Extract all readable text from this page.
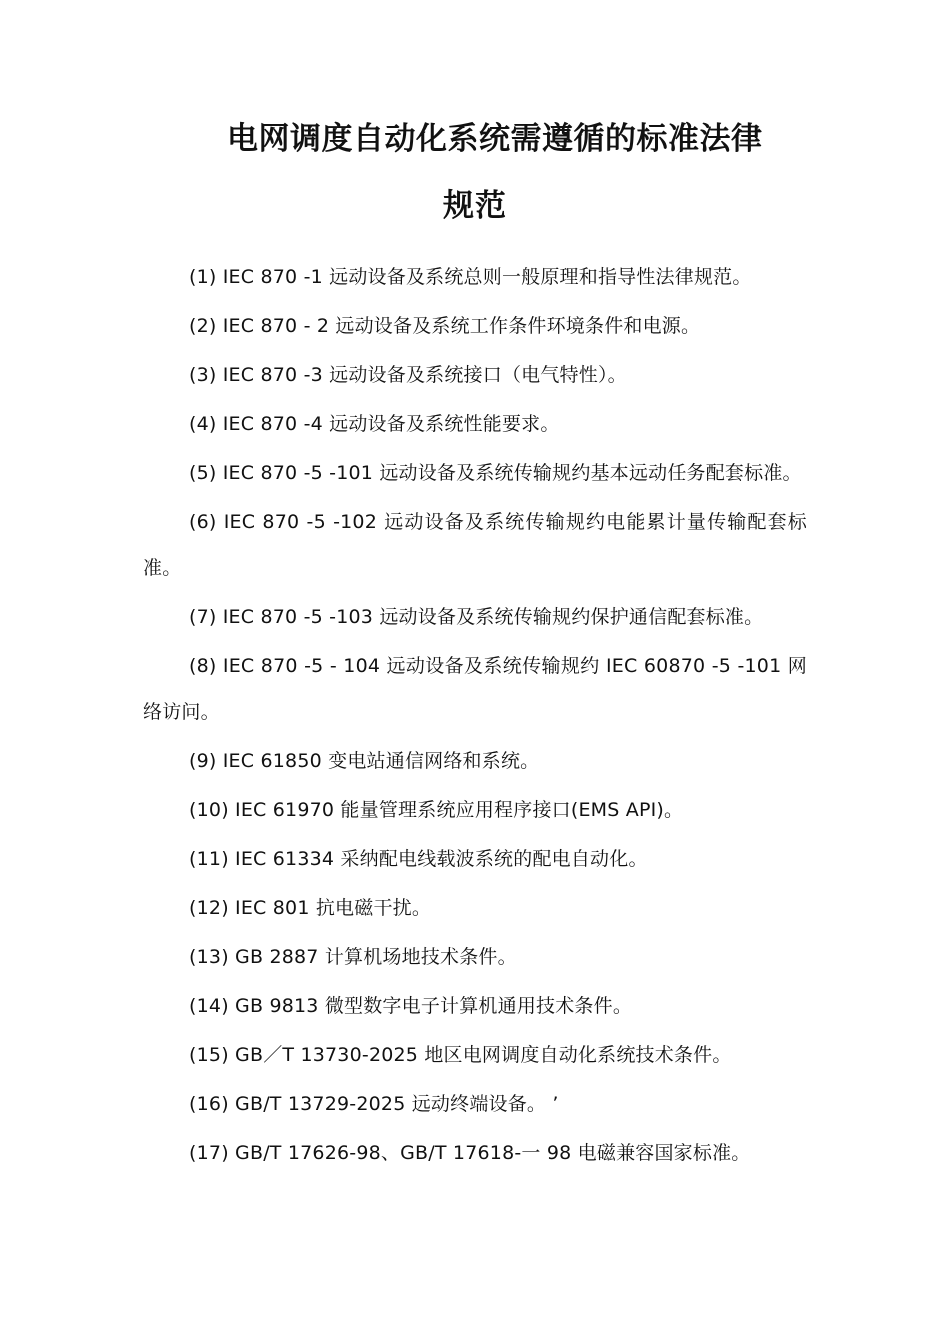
电网调度自动化系统需遵循的标准法律
规范

(1) IEC 870 -1 远动设备及系统总则一般原理和指导性法律规范。

(2) IEC 870 - 2 远动设备及系统工作条件环境条件和电源。

(3) IEC 870 -3 远动设备及系统接口（电气特性）。

(4) IEC 870 -4 远动设备及系统性能要求。

(5) IEC 870 -5 -101 远动设备及系统传输规约基本远动任务配套标准。

(6) IEC 870 -5 -102 远动设备及系统传输规约电能累计量传输配套标准。

(7) IEC 870 -5 -103 远动设备及系统传输规约保护通信配套标准。

(8) IEC 870 -5 - 104 远动设备及系统传输规约 IEC 60870 -5 -101 网络访问。

(9) IEC 61850 变电站通信网络和系统。

(10) IEC 61970 能量管理系统应用程序接口(EMS API)。

(11) IEC 61334 采纳配电线载波系统的配电自动化。

(12) IEC 801 抗电磁干扰。

(13) GB 2887 计算机场地技术条件。

(14) GB 9813 微型数字电子计算机通用技术条件。

(15) GB／T 13730-2025 地区电网调度自动化系统技术条件。

(16) GB/T 13729-2025 远动终端设备。 ’

(17) GB/T 17626-98、GB/T 17618-一 98 电磁兼容国家标准。
